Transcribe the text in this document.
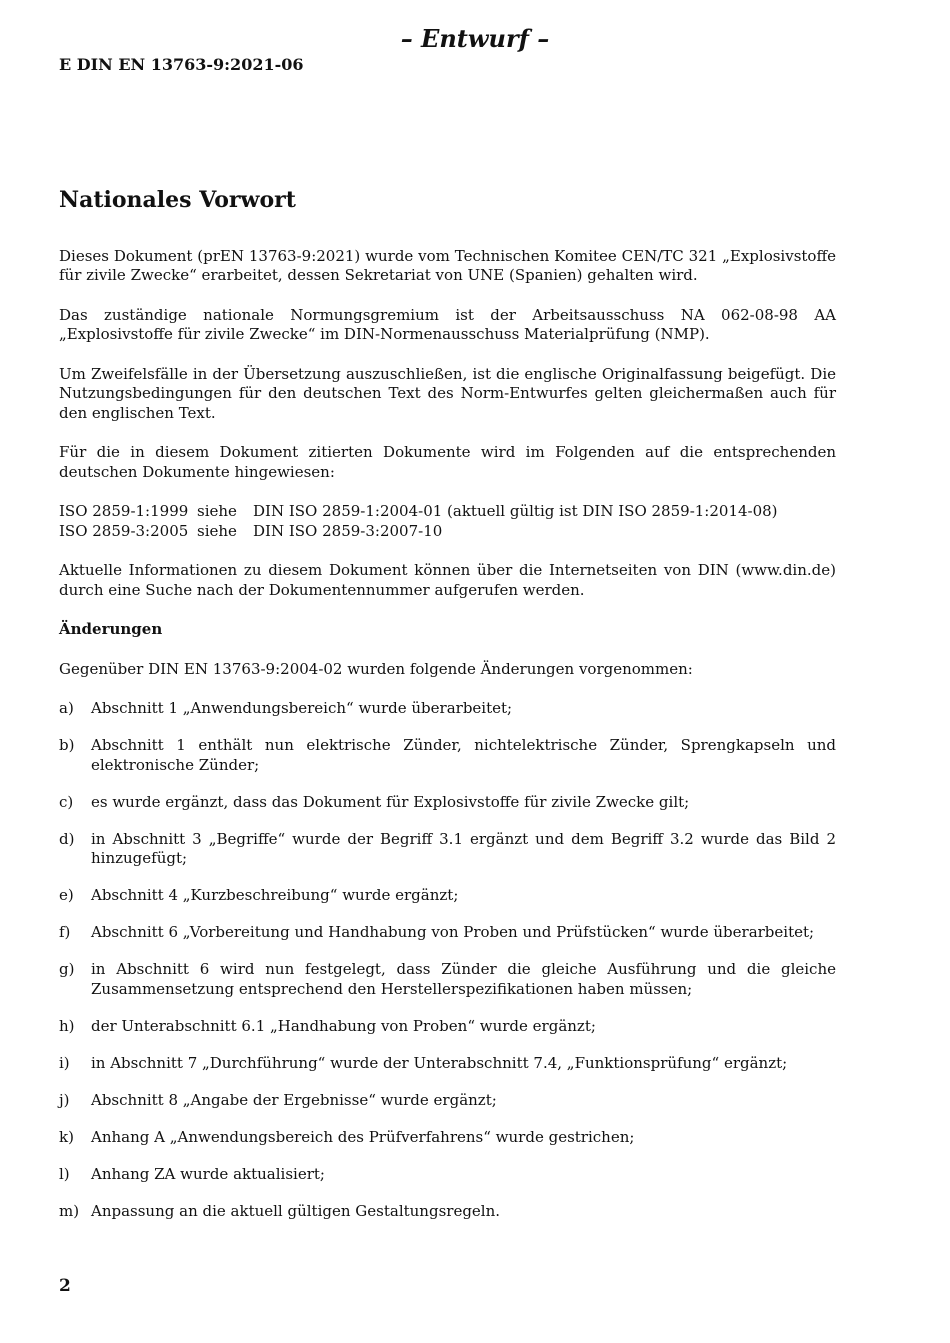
– Entwurf –
E DIN EN 13763-9:2021-06
Nationales Vorwort

Dieses Dokument (prEN 13763-9:2021) wurde vom Technischen Komitee CEN/TC 321 „Explosivstoffe für zivile Zwecke“ erarbeitet, dessen Sekretariat von UNE (Spanien) gehalten wird.

Das zuständige nationale Normungsgremium ist der Arbeitsausschuss NA 062-08-98 AA „Explosivstoffe für zivile Zwecke“ im DIN-Normenausschuss Materialprüfung (NMP).

Um Zweifelsfälle in der Übersetzung auszuschließen, ist die englische Originalfassung beigefügt. Die Nutzungsbedingungen für den deutschen Text des Norm-Entwurfes gelten gleichermaßen auch für den englischen Text.

Für die in diesem Dokument zitierten Dokumente wird im Folgenden auf die entsprechenden deutschen Dokumente hingewiesen:

ISO 2859-1:1999 siehe	DIN ISO 2859-1:2004-01 (aktuell gültig ist DIN ISO 2859-1:2014-08)
ISO 2859-3:2005 siehe	DIN ISO 2859-3:2007-10

Aktuelle Informationen zu diesem Dokument können über die Internetseiten von DIN (www.din.de) durch eine Suche nach der Dokumentennummer aufgerufen werden.

Änderungen

Gegenüber DIN EN 13763-9:2004-02 wurden folgende Änderungen vorgenommen:

a)	Abschnitt 1 „Anwendungsbereich“ wurde überarbeitet;
b)	Abschnitt 1 enthält nun elektrische Zünder, nichtelektrische Zünder, Sprengkapseln und elektronische Zünder;
c)	es wurde ergänzt, dass das Dokument für Explosivstoffe für zivile Zwecke gilt;
d)	in Abschnitt 3 „Begriffe“ wurde der Begriff 3.1 ergänzt und dem Begriff 3.2 wurde das Bild 2 hinzugefügt;
e)	Abschnitt 4 „Kurzbeschreibung“ wurde ergänzt;
f)	Abschnitt 6 „Vorbereitung und Handhabung von Proben und Prüfstücken“ wurde überarbeitet;
g)	in Abschnitt 6 wird nun festgelegt, dass Zünder die gleiche Ausführung und die gleiche Zusammensetzung entsprechend den Herstellerspezifikationen haben müssen;
h)	der Unterabschnitt 6.1 „Handhabung von Proben“ wurde ergänzt;
i)	in Abschnitt 7 „Durchführung“ wurde der Unterabschnitt 7.4, „Funktionsprüfung“ ergänzt;
j)	Abschnitt 8 „Angabe der Ergebnisse“ wurde ergänzt;
k)	Anhang A „Anwendungsbereich des Prüfverfahrens“ wurde gestrichen;
l)	Anhang ZA wurde aktualisiert;
m) Anpassung an die aktuell gültigen Gestaltungsregeln.
2
